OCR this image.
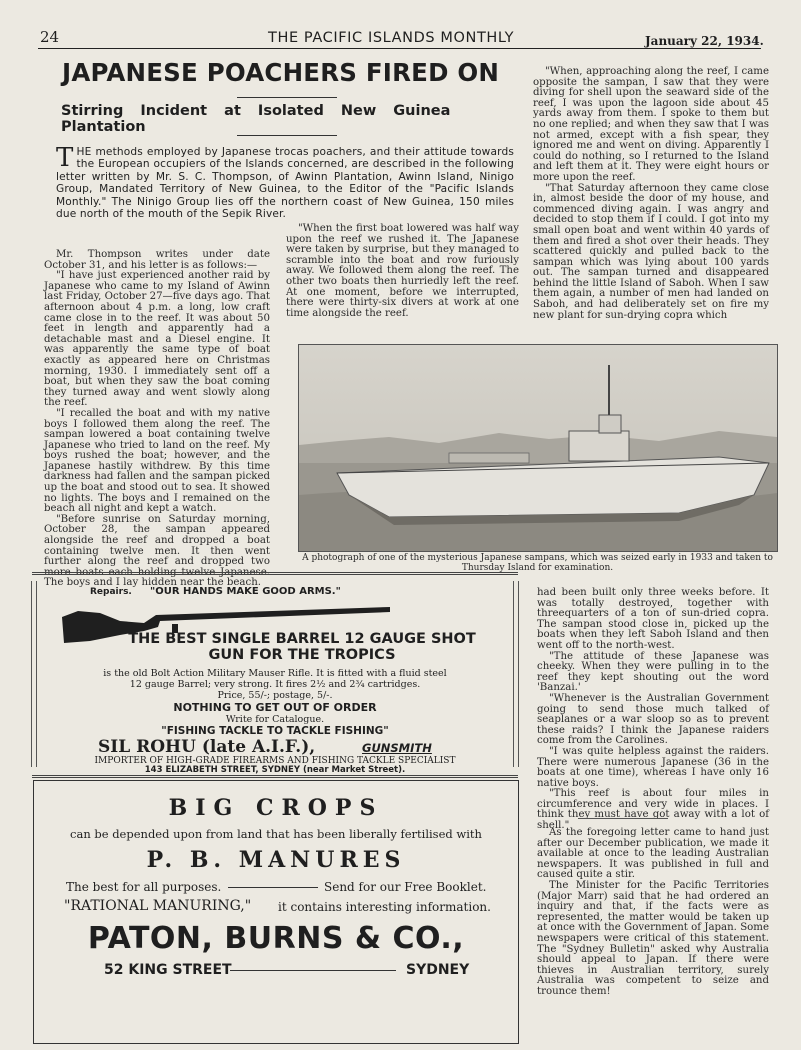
24	THE PACIFIC ISLANDS MONTHLY	January 22, 1934.
JAPANESE POACHERS FIRED ON
Stirring Incident at Isolated New Guinea Plantation
THE methods employed by Japanese trocas poachers, and their attitude towards the European occupiers of the Islands concerned, are described in the following letter written by Mr. S. C. Thompson, of Awinn Plantation, Awinn Island, Ninigo Group, Mandated Territory of New Guinea, to the Editor of the "Pacific Islands Monthly." The Ninigo Group lies off the northern coast of New Guinea, 150 miles due north of the mouth of the Sepik River.

Mr. Thompson writes under date October 31, and his letter is as follows:—

"I have just experienced another raid by Japanese who came to my Island of Awinn last Friday, October 27—five days ago. That afternoon about 4 p.m. a long, low craft came close in to the reef. It was about 50 feet in length and apparently had a detachable mast and a Diesel engine. It was apparently the same type of boat exactly as appeared here on Christmas morning, 1930. I immediately sent off a boat, but when they saw the boat coming they turned away and went slowly along the reef.

"I recalled the boat and with my native boys I followed them along the reef. The sampan lowered a boat containing twelve Japanese who tried to land on the reef. My boys rushed the boat; however, and the Japanese hastily withdrew. By this time darkness had fallen and the sampan picked up the boat and stood out to sea. It showed no lights. The boys and I remained on the beach all night and kept a watch.

"Before sunrise on Saturday morning, October 28, the sampan appeared alongside the reef and dropped a boat containing twelve men. It then went further along the reef and dropped two more boats each holding twelve Japanese. The boys and I lay hidden near the beach.

"When the first boat lowered was half way upon the reef we rushed it. The Japanese were taken by surprise, but they managed to scramble into the boat and row furiously away. We followed them along the reef. The other two boats then hurriedly left the reef. At one moment, before we interrupted, there were thirty-six divers at work at one time alongside the reef.

"When, approaching along the reef, I came opposite the sampan, I saw that they were diving for shell upon the seaward side of the reef, I was upon the lagoon side about 45 yards away from them. I spoke to them but no one replied; and when they saw that I was not armed, except with a fish spear, they ignored me and went on diving. Apparently I could do nothing, so I returned to the Island and left them at it. They were eight hours or more upon the reef.

"That Saturday afternoon they came close in, almost beside the door of my house, and commenced diving again. I was angry and decided to stop them if I could. I got into my small open boat and went within 40 yards of them and fired a shot over their heads. They scattered quickly and pulled back to the sampan which was lying about 100 yards out. The sampan turned and disappeared behind the little Island of Saboh. When I saw them again, a number of men had landed on Saboh, and had deliberately set on fire my new plant for sun-drying copra which

A photograph of one of the mysterious Japanese sampans, which was seized early in 1933 and taken to Thursday Island for examination.
Repairs. "OUR HANDS MAKE GOOD ARMS."
THE BEST SINGLE BARREL 12 GAUGE SHOT
GUN FOR THE TROPICS
is the old Bolt Action Military Mauser Rifle. It is fitted with a fluid steel
12 gauge Barrel; very strong. It fires 2½ and 2¾ cartridges.
Price, 55/-; postage, 5/-.
NOTHING TO GET OUT OF ORDER
Write for Catalogue.
"FISHING TACKLE TO TACKLE FISHING"
SIL ROHU (late A.I.F.),	GUNSMITH
IMPORTER OF HIGH-GRADE FIREARMS AND FISHING TACKLE SPECIALIST
143 ELIZABETH STREET, SYDNEY (near Market Street).
BIG CROPS
can be depended upon from land that has been liberally fertilised with
P. B. MANURES
The best for all purposes.	Send for our Free Booklet.
"RATIONAL MANURING," it contains interesting information.
PATON, BURNS & CO.,
52 KING STREET	SYDNEY

had been built only three weeks before. It was totally destroyed, together with threequarters of a ton of sun-dried copra. The sampan stood close in, picked up the boats when they left Saboh Island and then went off to the north-west.

"The attitude of these Japanese was cheeky. When they were pulling in to the reef they kept shouting out the word 'Banzai.'

"Whenever is the Australian Government going to send those much talked of seaplanes or a war sloop so as to prevent these raids? I think the Japanese raiders come from the Carolines.

"I was quite helpless against the raiders. There were numerous Japanese (36 in the boats at one time), whereas I have only 16 native boys.

"This reef is about four miles in circumference and very wide in places. I think they must have got away with a lot of shell."

As the foregoing letter came to hand just after our December publication, we made it available at once to the leading Australian newspapers. It was published in full and caused quite a stir.

The Minister for the Pacific Territories (Major Marr) said that he had ordered an inquiry and that, if the facts were as represented, the matter would be taken up at once with the Government of Japan. Some newspapers were critical of this statement. The "Sydney Bulletin" asked why Australia should appeal to Japan. If there were thieves in Australian territory, surely Australia was competent to seize and trounce them!
